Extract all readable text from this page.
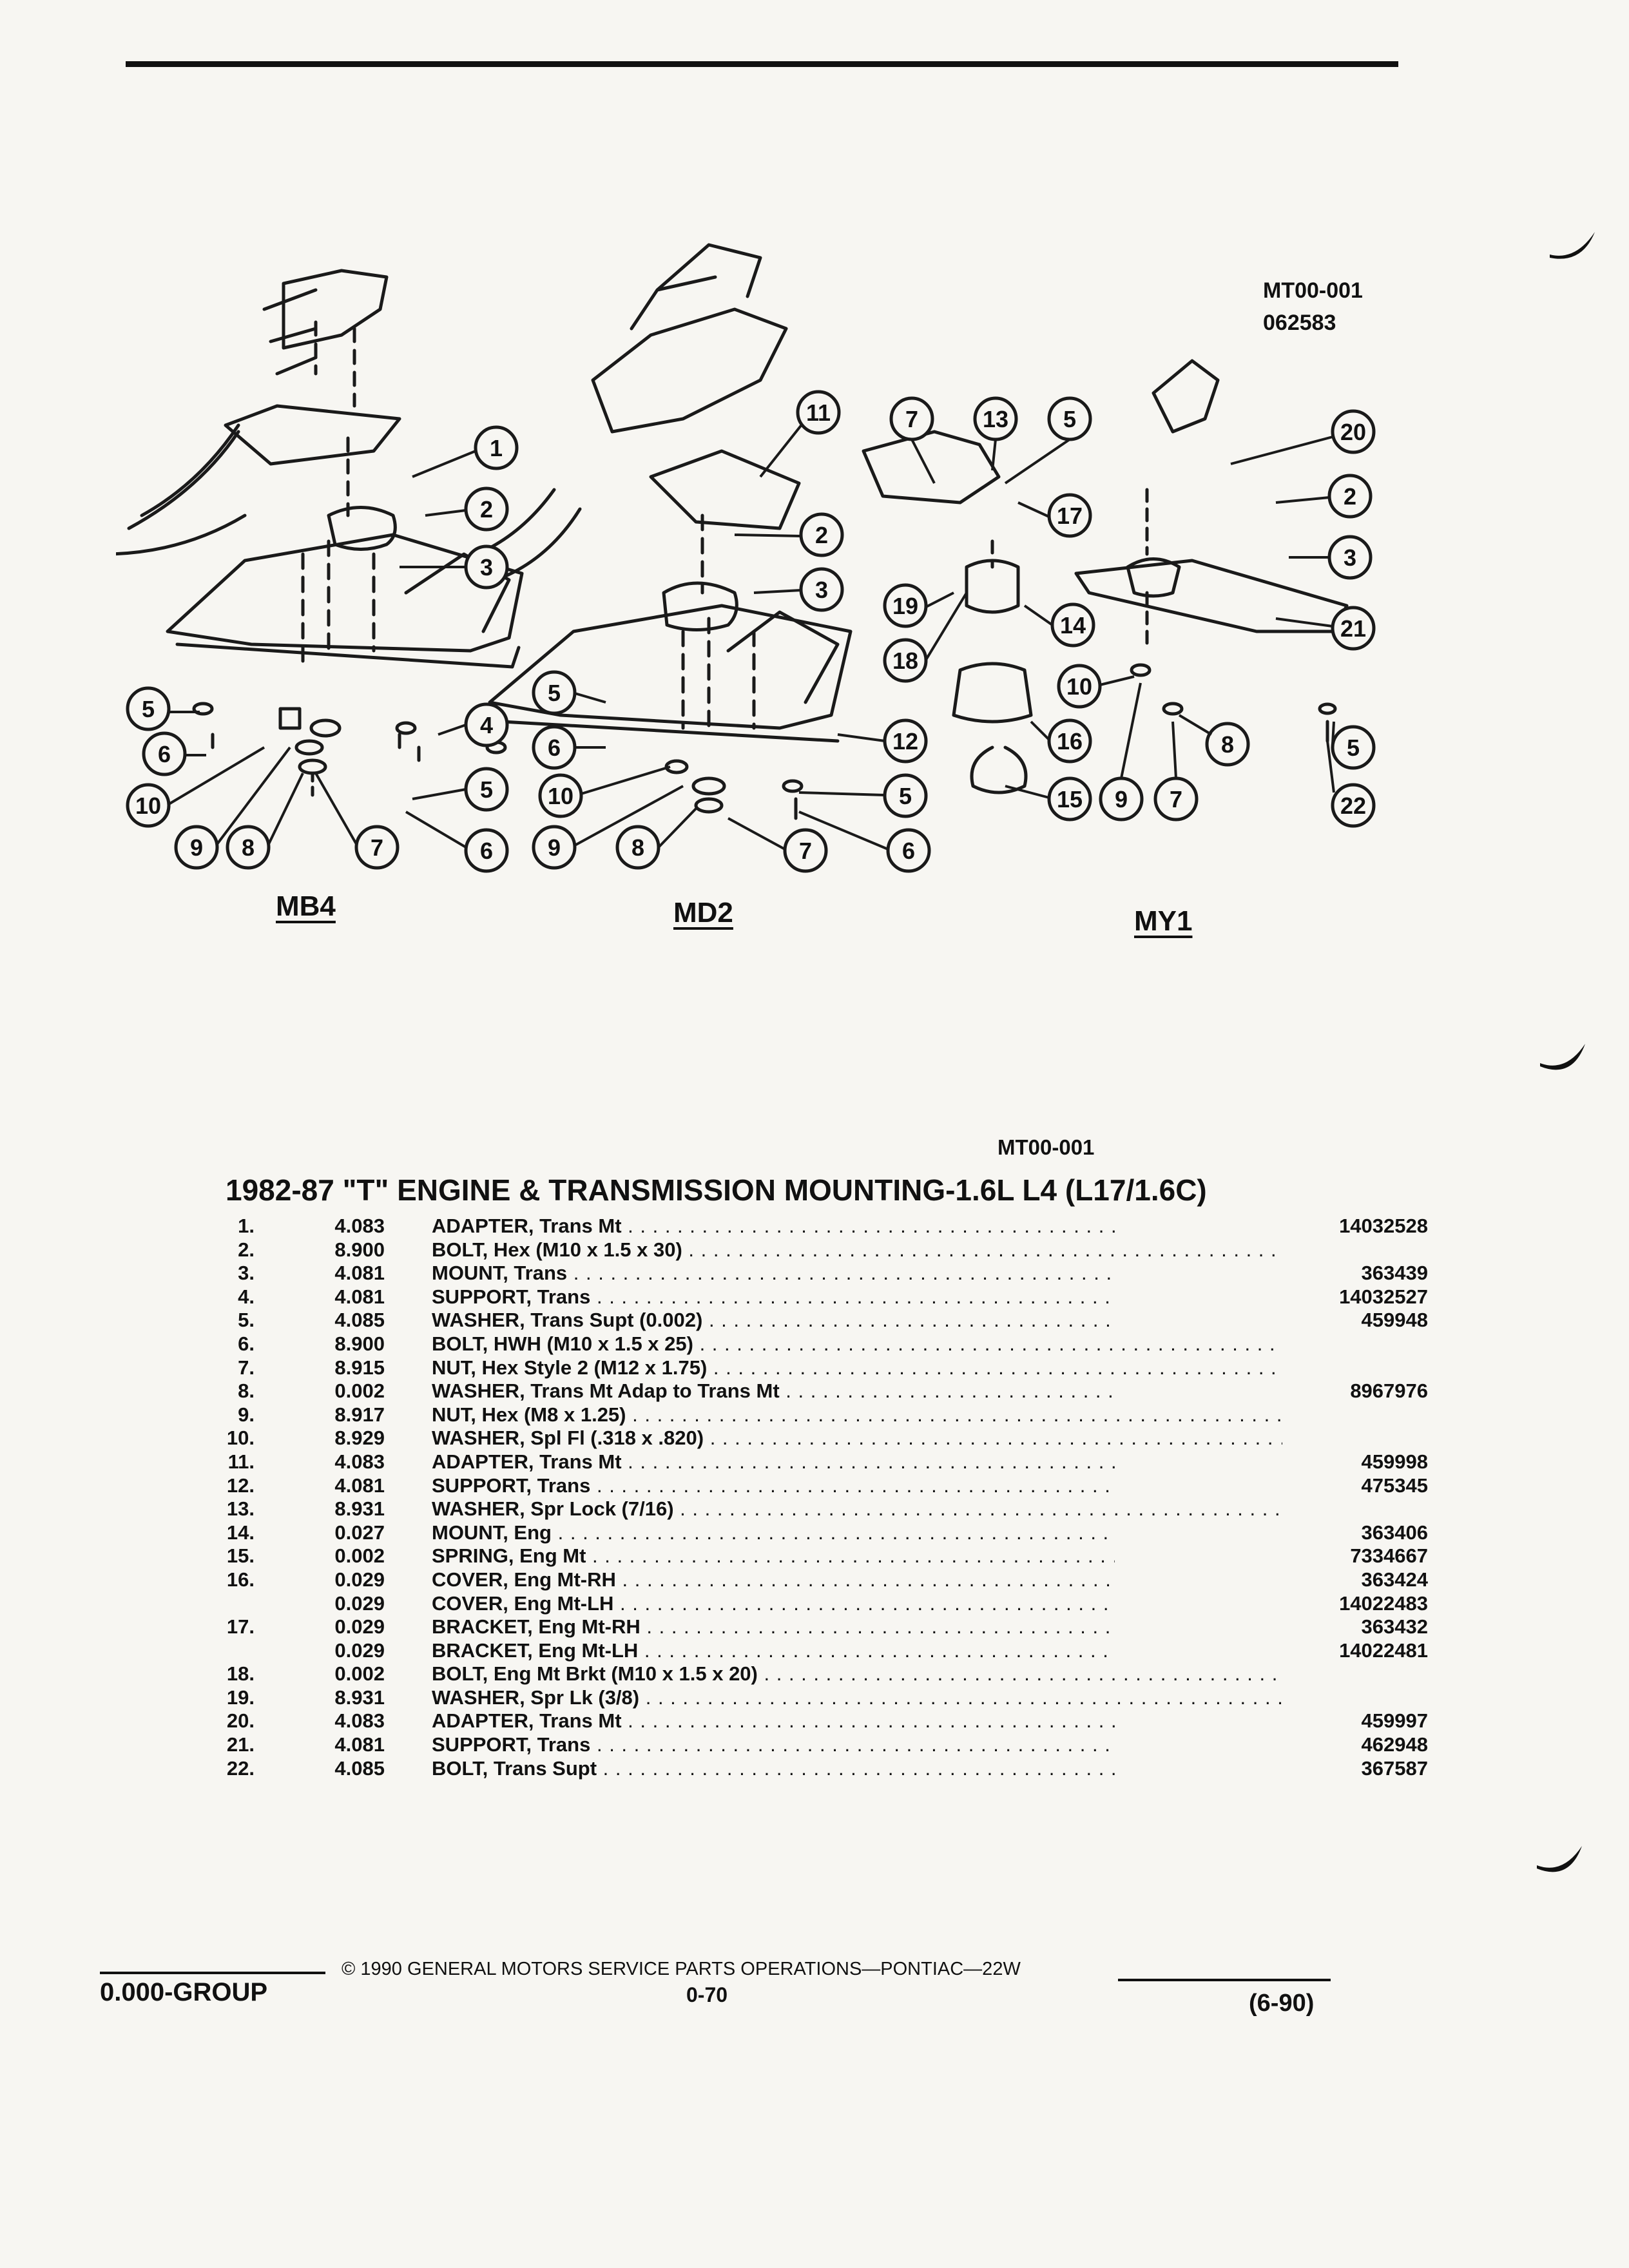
MT00-001
062583
1
2
3
4
5
6
10
9 8	7	6
5
11
2
3
12
5
6
10
9	8	7	6
5
7	13 5	20
17
2
3
19
18
14	21
10
16	8	5
15 9 7	22
MB4	MD2	MY1
MT00-001
1982-87 "T" ENGINE & TRANSMISSION MOUNTING-1.6L L4 (L17/1.6C)
1.	4.083 ADAPTER, Trans Mt . . .	14032528
2.	8.900 BOLT, Hex (M10 x 1.5 x 30) . . .
3.	4.081 MOUNT, Trans . . .	363439
4.	4.081 SUPPORT, Trans . . .	14032527
5.	4.085 WASHER, Trans Supt (0.002) . . .	459948
6.	8.900 BOLT, HWH (M10 x 1.5 x 25) . . .
7.	8.915 NUT, Hex Style 2 (M12 x 1.75) . . .
8.	0.002 WASHER, Trans Mt Adap to Trans Mt . . .	8967976
9.	8.917 NUT, Hex (M8 x 1.25) . . .
10.	8.929 WASHER, Spl Fl (.318 x .820) . . .
11.	4.083 ADAPTER, Trans Mt . . .	459998
12.	4.081 SUPPORT, Trans . . .	475345
13.	8.931 WASHER, Spr Lock (7/16) . . .
14.	0.027 MOUNT, Eng . . .	363406
15.	0.002 SPRING, Eng Mt . . .	7334667
16.	0.029 COVER, Eng Mt-RH . . .	363424
0.029 COVER, Eng Mt-LH . . .	14022483
17.	0.029 BRACKET, Eng Mt-RH . . .	363432
0.029 BRACKET, Eng Mt-LH . . .	14022481
18.	0.002 BOLT, Eng Mt Brkt (M10 x 1.5 x 20) . . .
19.	8.931 WASHER, Spr Lk (3/8) . . .
20.	4.083 ADAPTER, Trans Mt . . .	459997
21.	4.081 SUPPORT, Trans . . .	462948
22.	4.085 BOLT, Trans Supt . . .	367587
© 1990 GENERAL MOTORS SERVICE PARTS OPERATIONS—PONTIAC—22W
0.000-GROUP	0-70	(6-90)
